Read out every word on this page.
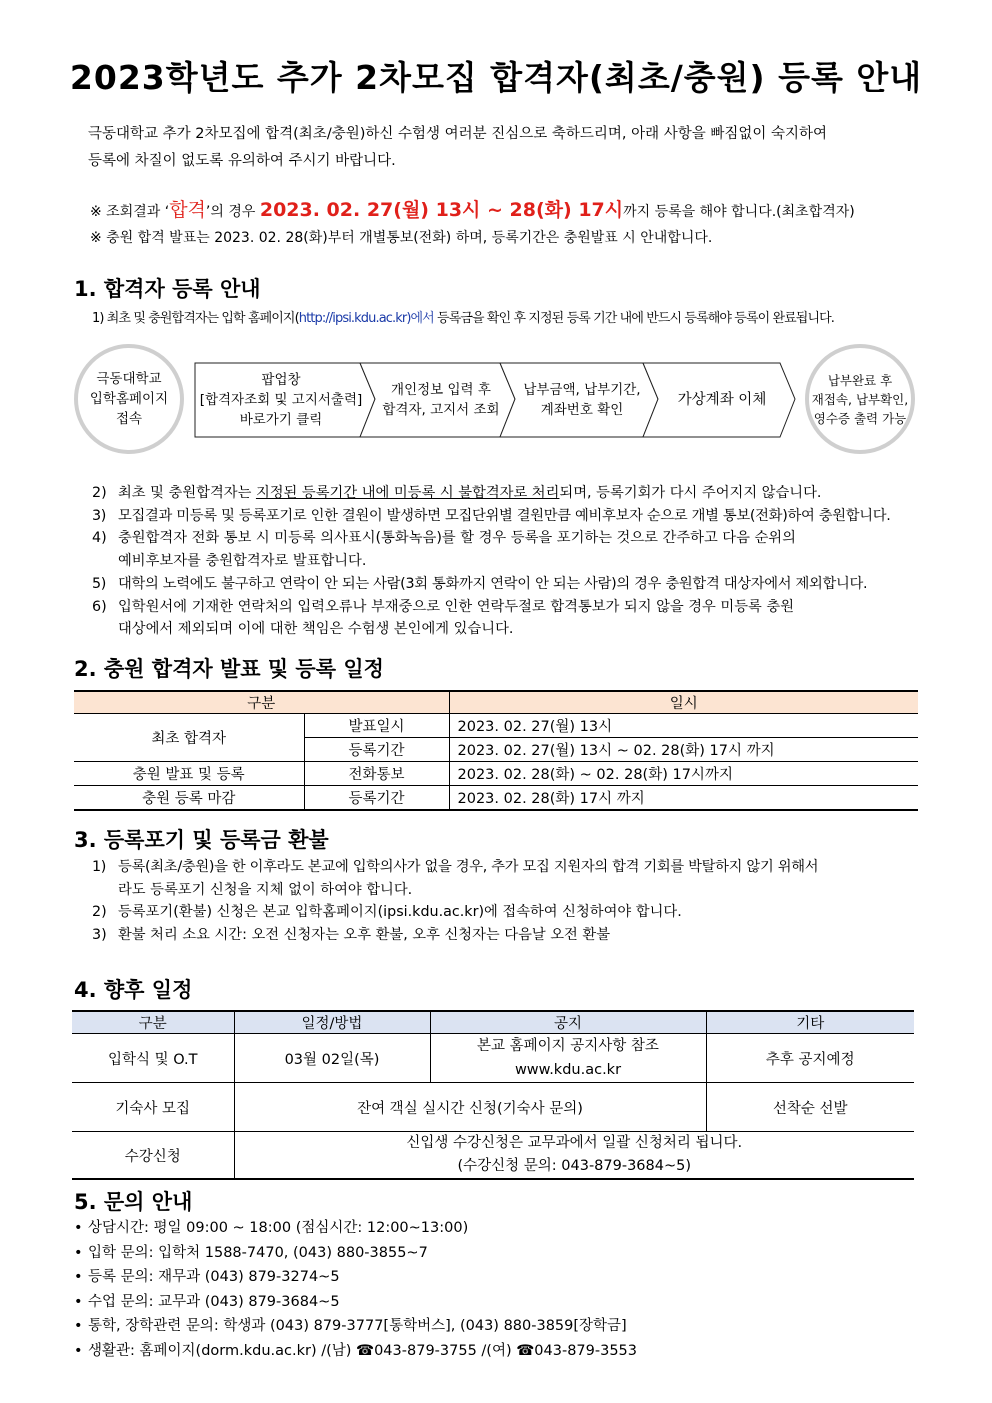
2023학년도 추가 2차모집 합격자(최초/충원) 등록 안내
극동대학교 추가 2차모집에 합격(최초/충원)하신 수험생 여러분 진심으로 축하드리며, 아래 사항을 빠짐없이 숙지하여
등록에 차질이 없도록 유의하여 주시기 바랍니다.
※ 조회결과 ‘합격’의 경우 2023. 02. 27(월) 13시 ~ 28(화) 17시까지 등록을 해야 합니다.(최초합격자)
※ 충원 합격 발표는 2023. 02. 28(화)부터 개별통보(전화) 하며, 등록기간은 충원발표 시 안내합니다.
1. 합격자 등록 안내
1) 최초 및 충원합격자는 입학 홈페이지(http://ipsi.kdu.ac.kr)에서 등록금을 확인 후 지정된 등록 기간 내에 반드시 등록해야 등록이 완료됩니다.
극동대학교
입학홈페이지
접속
팝업창
[합격자조회 및 고지서출력]
바로가기 클릭
개인정보 입력 후
합격자, 고지서 조회
납부금액, 납부기간,
계좌번호 확인
가상계좌 이체
납부완료 후
재접속, 납부확인,
영수증 출력 가능
2) 최초 및 충원합격자는 지정된 등록기간 내에 미등록 시 불합격자로 처리되며, 등록기회가 다시 주어지지 않습니다.
3) 모집결과 미등록 및 등록포기로 인한 결원이 발생하면 모집단위별 결원만큼 예비후보자 순으로 개별 통보(전화)하여 충원합니다.
4) 충원합격자 전화 통보 시 미등록 의사표시(통화녹음)를 할 경우 등록을 포기하는 것으로 간주하고 다음 순위의
예비후보자를 충원합격자로 발표합니다.
5) 대학의 노력에도 불구하고 연락이 안 되는 사람(3회 통화까지 연락이 안 되는 사람)의 경우 충원합격 대상자에서 제외합니다.
6) 입학원서에 기재한 연락처의 입력오류나 부재중으로 인한 연락두절로 합격통보가 되지 않을 경우 미등록 충원
대상에서 제외되며 이에 대한 책임은 수험생 본인에게 있습니다.
2. 충원 합격자 발표 및 등록 일정
구분		일시
최초 합격자	발표일시	2023. 02. 27(월) 13시
	등록기간	2023. 02. 27(월) 13시 ~ 02. 28(화) 17시 까지
충원 발표 및 등록	전화통보	2023. 02. 28(화) ~ 02. 28(화) 17시까지
충원 등록 마감	등록기간	2023. 02. 28(화) 17시 까지
3. 등록포기 및 등록금 환불
1) 등록(최초/충원)을 한 이후라도 본교에 입학의사가 없을 경우, 추가 모집 지원자의 합격 기회를 박탈하지 않기 위해서
라도 등록포기 신청을 지체 없이 하여야 합니다.
2) 등록포기(환불) 신청은 본교 입학홈페이지(ipsi.kdu.ac.kr)에 접속하여 신청하여야 합니다.
3) 환불 처리 소요 시간: 오전 신청자는 오후 환불, 오후 신청자는 다음날 오전 환불
4. 향후 일정
구분	일정/방법	공지	기타
입학식 및 O.T	03월 02일(목)	본교 홈페이지 공지사항 참조
www.kdu.ac.kr	추후 공지예정
기숙사 모집	잔여 객실 실시간 신청(기숙사 문의)		선착순 선발
수강신청	신입생 수강신청은 교무과에서 일괄 신청처리 됩니다.
(수강신청 문의: 043-879-3684~5)		
5. 문의 안내
• 상담시간: 평일 09:00 ~ 18:00 (점심시간: 12:00~13:00)
• 입학 문의: 입학처 1588-7470, (043) 880-3855~7
• 등록 문의: 재무과 (043) 879-3274~5
• 수업 문의: 교무과 (043) 879-3684~5
• 통학, 장학관련 문의: 학생과 (043) 879-3777[통학버스], (043) 880-3859[장학금]
• 생활관: 홈페이지(dorm.kdu.ac.kr) /(남) ☎043-879-3755 /(여) ☎043-879-3553
